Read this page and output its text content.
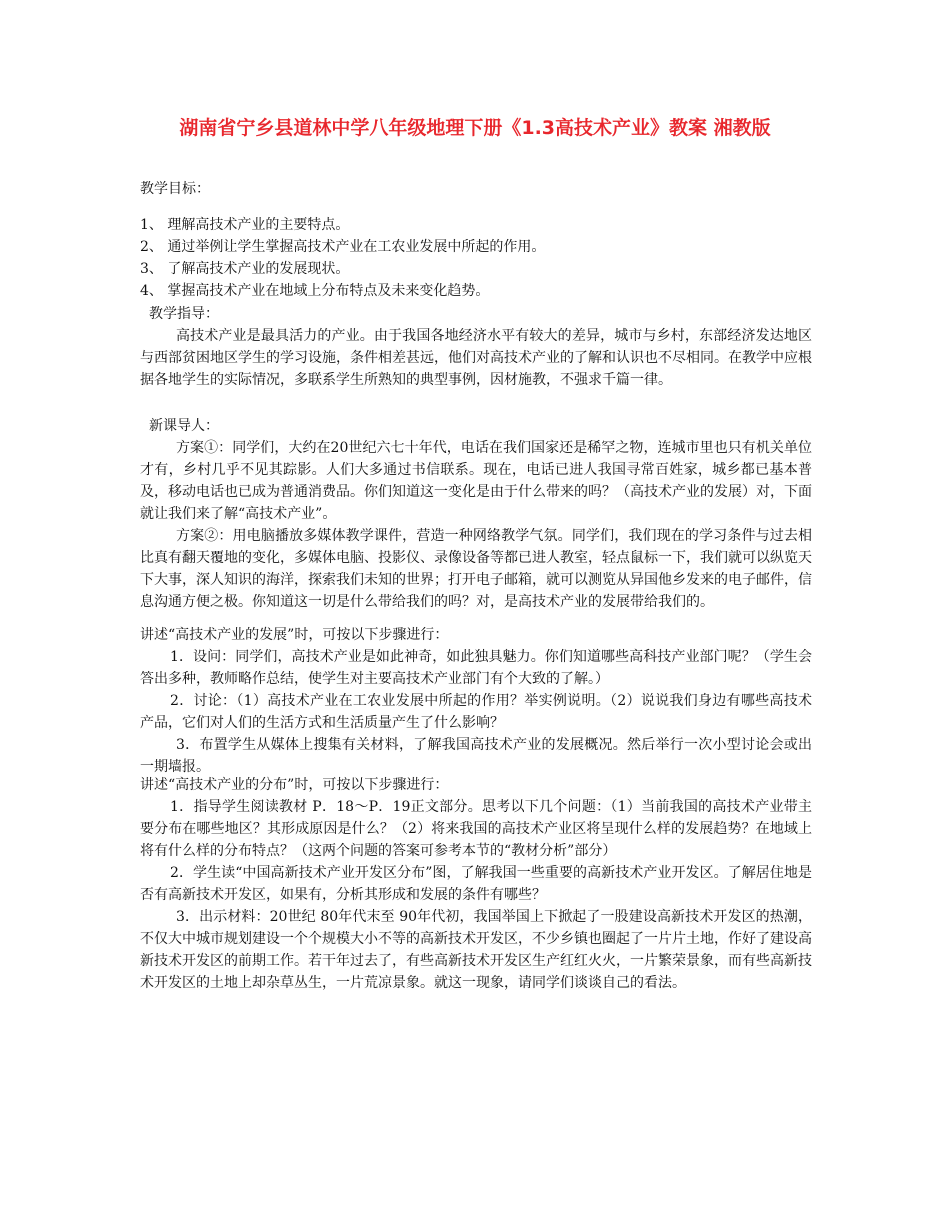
湖南省宁乡县道林中学八年级地理下册《1.3高技术产业》教案 湘教版
教学目标：
1、 理解高技术产业的主要特点。
2、 通过举例让学生掌握高技术产业在工农业发展中所起的作用。
3、 了解高技术产业的发展现状。
4、 掌握高技术产业在地域上分布特点及未来变化趋势。
教学指导：
高技术产业是最具活力的产业。由于我国各地经济水平有较大的差异，城市与乡村，东部经济发达地区与西部贫困地区学生的学习设施，条件相差甚远，他们对高技术产业的了解和认识也不尽相同。在教学中应根据各地学生的实际情况，多联系学生所熟知的典型事例，因材施教，不强求千篇一律。
新课导人：
方案①：同学们，大约在20世纪六七十年代，电话在我们国家还是稀罕之物，连城市里也只有机关单位才有，乡村几乎不见其踪影。人们大多通过书信联系。现在，电话已进人我国寻常百姓家，城乡都已基本普及，移动电话也已成为普通消费品。你们知道这一变化是由于什么带来的吗？（高技术产业的发展）对，下面就让我们来了解“高技术产业”。
方案②：用电脑播放多媒体教学课件，营造一种网络教学气氛。同学们，我们现在的学习条件与过去相比真有翻天覆地的变化，多媒体电脑、投影仪、录像设备等都已进人教室，轻点鼠标一下，我们就可以纵览天下大事，深人知识的海洋，探索我们未知的世界；打开电子邮箱，就可以测览从异国他乡发来的电子邮件，信息沟通方便之极。你知道这一切是什么带给我们的吗？对，是高技术产业的发展带给我们的。
讲述“高技术产业的发展”时，可按以下步骤进行：
1．设问：同学们，高技术产业是如此神奇，如此独具魅力。你们知道哪些高科技产业部门呢？（学生会答出多种，教师略作总结，使学生对主要高技术产业部门有个大致的了解。）
2．讨论：（1）高技术产业在工农业发展中所起的作用？举实例说明。（2）说说我们身边有哪些高技术产品，它们对人们的生活方式和生活质量产生了什么影响？
3．布置学生从媒体上搜集有关材料，了解我国高技术产业的发展概况。然后举行一次小型讨论会或出一期墙报。
讲述“高技术产业的分布”时，可按以下步骤进行：
1．指导学生阅读教材 P．18～P．19正文部分。思考以下几个问题：（1）当前我国的高技术产业带主要分布在哪些地区？其形成原因是什么？（2）将来我国的高技术产业区将呈现什么样的发展趋势？在地域上将有什么样的分布特点？（这两个问题的答案可参考本节的“教材分析”部分）
2．学生读“中国高新技术产业开发区分布”图，了解我国一些重要的高新技术产业开发区。了解居住地是否有高新技术开发区，如果有，分析其形成和发展的条件有哪些？
3．出示材料：20世纪 80年代末至 90年代初，我国举国上下掀起了一股建设高新技术开发区的热潮，不仅大中城市规划建设一个个规模大小不等的高新技术开发区，不少乡镇也圈起了一片片土地，作好了建设高新技术开发区的前期工作。若干年过去了，有些高新技术开发区生产红红火火，一片繁荣景象，而有些高新技术开发区的土地上却杂草丛生，一片荒凉景象。就这一现象，请同学们谈谈自己的看法。
